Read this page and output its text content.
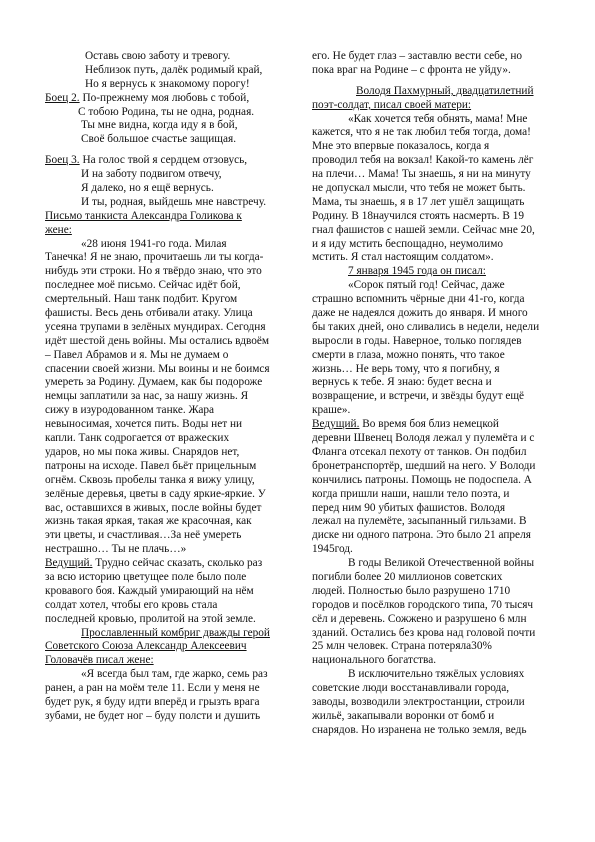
Оставь свою заботу и тревогу.
Неблизок путь, далёк родимый край,
Но я вернусь к знакомому порогу!
Боец 2. По-прежнему моя любовь с тобой,
С тобою Родина, ты не одна, родная.
Ты мне видна, когда иду я в бой,
Своё большое счастье защищая.
Боец 3. На голос твой я сердцем отзовусь,
И на заботу подвигом отвечу,
Я далеко, но я ещё вернусь.
И ты, родная, выйдешь мне навстречу.
Письмо танкиста Александра Голикова к
жене:
«28 июня 1941-го года. Милая
Танечка! Я не знаю, прочитаешь ли ты когда-
нибудь эти строки. Но я твёрдо знаю, что это
последнее моё письмо. Сейчас идёт бой,
смертельный. Наш танк подбит. Кругом
фашисты. Весь день отбивали атаку. Улица
усеяна трупами в зелёных мундирах. Сегодня
идёт шестой день войны. Мы остались вдвоём
– Павел Абрамов и я. Мы не думаем о
спасении своей жизни. Мы воины и не боимся
умереть за Родину. Думаем, как бы подороже
немцы заплатили за нас, за нашу жизнь. Я
сижу в изуродованном танке. Жара
невыносимая, хочется пить. Воды нет ни
капли. Танк содрогается от вражеских
ударов, но мы пока живы. Снарядов нет,
патроны на исходе. Павел бьёт прицельным
огнём. Сквозь пробелы танка я вижу улицу,
зелёные деревья, цветы в саду яркие-яркие. У
вас, оставшихся в живых, после войны будет
жизнь такая яркая, такая же красочная, как
эти цветы, и счастливая…За неё умереть
нестрашно… Ты не плачь…»
Ведущий. Трудно сейчас сказать, сколько раз
за всю историю цветущее поле было поле
кровавого боя. Каждый умирающий на нём
солдат хотел, чтобы его кровь стала
последней кровью, пролитой на этой земле.
Прославленный комбриг дважды герой
Советского Союза Александр Алексеевич
Головачёв писал жене:
«Я всегда был там, где жарко, семь раз
ранен, а ран на моём теле 11. Если у меня не
будет рук, я буду идти вперёд и грызть врага
зубами, не будет ног – буду полсти и душить
его. Не будет глаз – заставлю вести себе, но
пока враг на Родине – с фронта не уйду».
Володя Пахмурный, двадцатилетний
поэт-солдат, писал своей матери:
«Как хочется тебя обнять, мама! Мне
кажется, что я не так любил тебя тогда, дома!
Мне это впервые показалось, когда я
проводил тебя на вокзал! Какой-то камень лёг
на плечи… Мама! Ты знаешь, я ни на минуту
не допускал мысли, что тебя не может быть.
Мама, ты знаешь, я в 17 лет ушёл защищать
Родину. В 18научился стоять насмерть. В 19
гнал фашистов с нашей земли. Сейчас мне 20,
и я иду мстить беспощадно, неумолимо
мстить. Я стал настоящим солдатом».
7 января 1945 года он писал:
«Сорок пятый год! Сейчас, даже
страшно вспомнить чёрные дни 41-го, когда
даже не надеялся дожить до января. И много
бы таких дней, оно сливались в недели, недели
выросли в годы. Наверное, только поглядев
смерти в глаза, можно понять, что такое
жизнь… Не верь тому, что я погибну, я
вернусь к тебе. Я знаю: будет весна и
возвращение, и встречи, и звёзды будут ещё
краше».
Ведущий. Во время боя близ немецкой
деревни Швенец Володя лежал у пулемёта и с
Фланга отсекал пехоту от танков. Он подбил
бронетранспортёр, шедший на него. У Володи
кончились патроны. Помощь не подоспела. А
когда пришли наши, нашли тело поэта, и
перед ним 90 убитых фашистов. Володя
лежал на пулемёте, засыпанный гильзами. В
диске ни одного патрона. Это было 21 апреля
1945год.
В годы Великой Отечественной войны
погибли более 20 миллионов советских
людей. Полностью было разрушено 1710
городов и посёлков городского типа, 70 тысяч
сёл и деревень. Сожжено и разрушено 6 млн
зданий. Остались без крова над головой почти
25 млн человек. Страна потеряла30%
национального богатства.
В исключительно тяжёлых условиях
советские люди восстанавливали города,
заводы, возводили электростанции, строили
жильё, закапывали воронки от бомб и
снарядов. Но изранена не только земля, ведь
